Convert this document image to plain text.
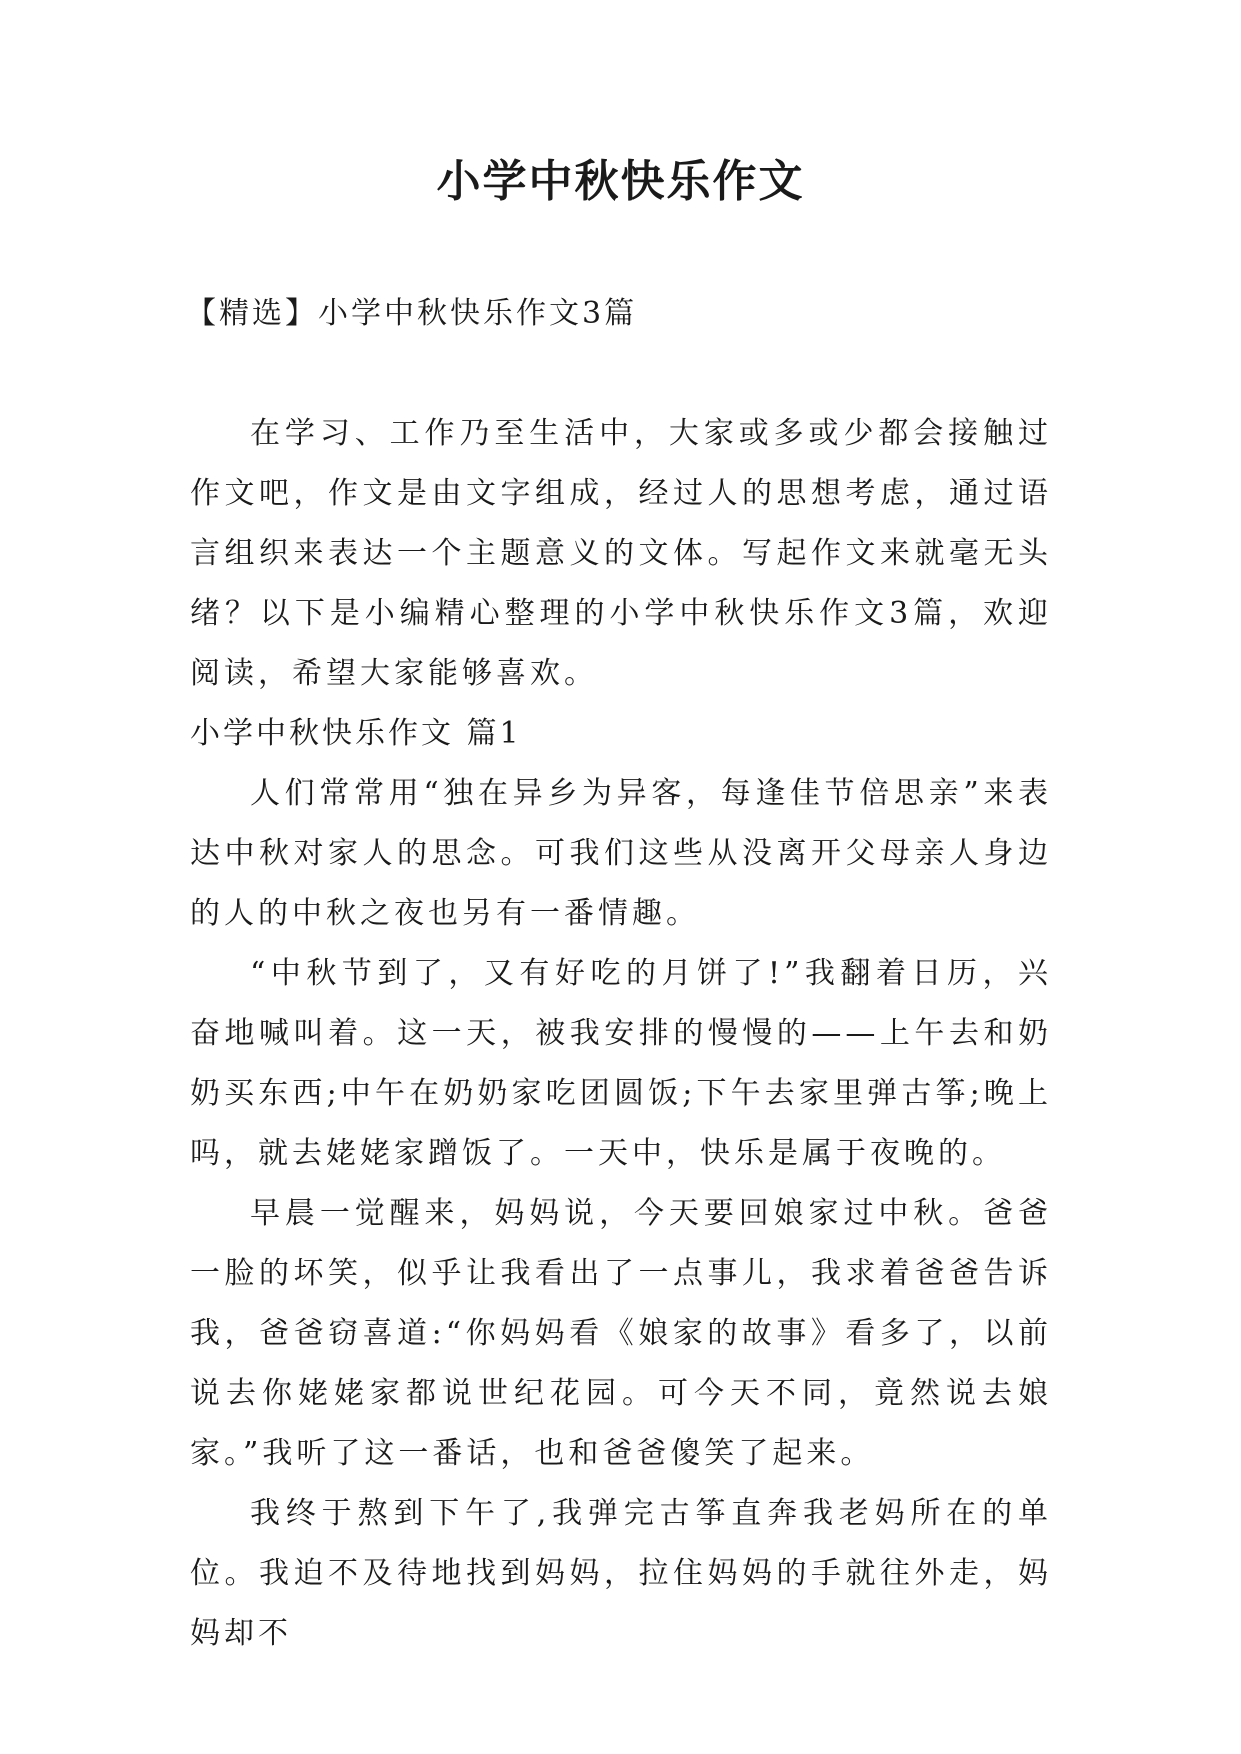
小学中秋快乐作文
【精选】小学中秋快乐作文3篇

在学习、工作乃至生活中，大家或多或少都会接触过作文吧，作文是由文字组成，经过人的思想考虑，通过语言组织来表达一个主题意义的文体。写起作文来就毫无头绪？以下是小编精心整理的小学中秋快乐作文3篇，欢迎阅读，希望大家能够喜欢。

小学中秋快乐作文 篇1

人们常常用“独在异乡为异客，每逢佳节倍思亲”来表达中秋对家人的思念。可我们这些从没离开父母亲人身边的人的中秋之夜也另有一番情趣。

“中秋节到了，又有好吃的月饼了!”我翻着日历，兴奋地喊叫着。这一天，被我安排的慢慢的——上午去和奶奶买东西;中午在奶奶家吃团圆饭;下午去家里弹古筝;晚上吗，就去姥姥家蹭饭了。一天中，快乐是属于夜晚的。

早晨一觉醒来，妈妈说，今天要回娘家过中秋。爸爸一脸的坏笑，似乎让我看出了一点事儿，我求着爸爸告诉我，爸爸窃喜道:“你妈妈看《娘家的故事》看多了，以前说去你姥姥家都说世纪花园。可今天不同，竟然说去娘家。”我听了这一番话，也和爸爸傻笑了起来。

我终于熬到下午了,我弹完古筝直奔我老妈所在的单位。我迫不及待地找到妈妈，拉住妈妈的手就往外走，妈妈却不
